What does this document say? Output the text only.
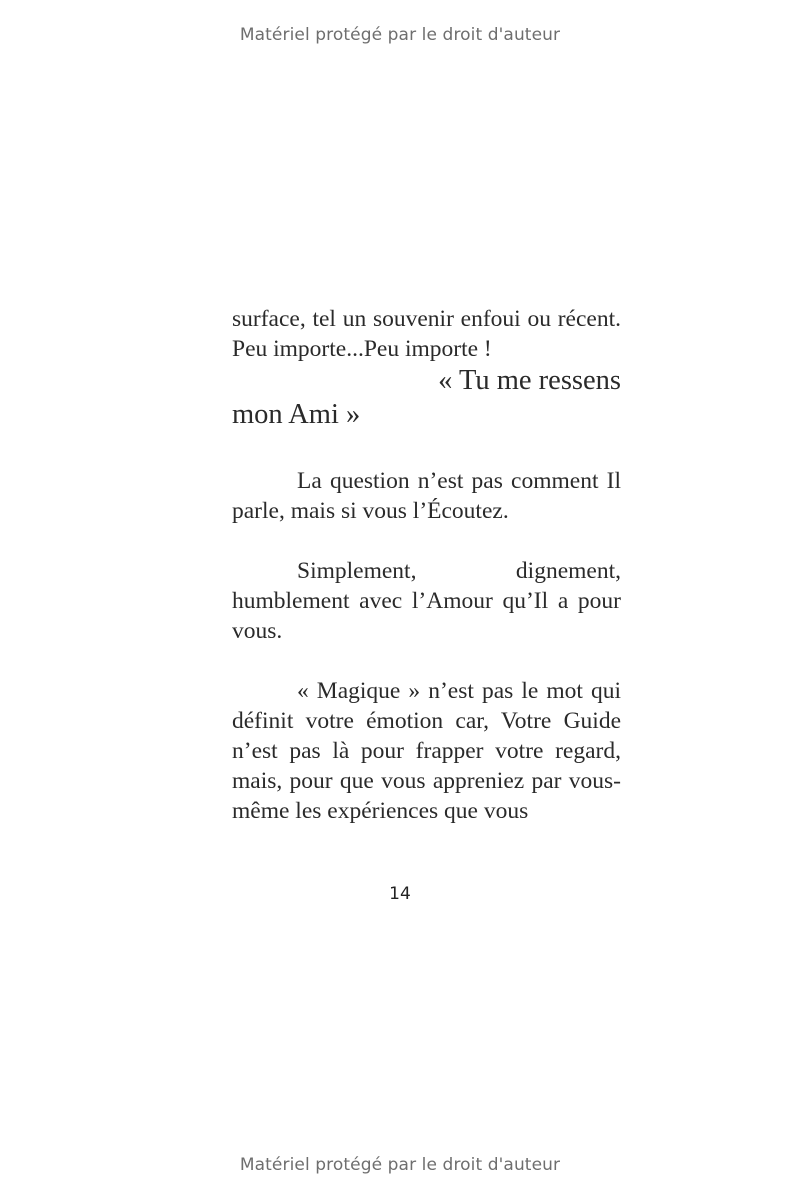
Matériel protégé par le droit d'auteur

surface, tel un souvenir enfoui ou récent. Peu importe...Peu importe !

« Tu me ressens
mon Ami »

La question n’est pas comment Il parle, mais si vous l’Écoutez.

Simplement, dignement, humblement avec l’Amour qu’Il a pour vous.

« Magique » n’est pas le mot qui définit votre émotion car, Votre Guide n’est pas là pour frapper votre regard, mais, pour que vous appreniez par vous-même les expériences que vous

14
Matériel protégé par le droit d'auteur
